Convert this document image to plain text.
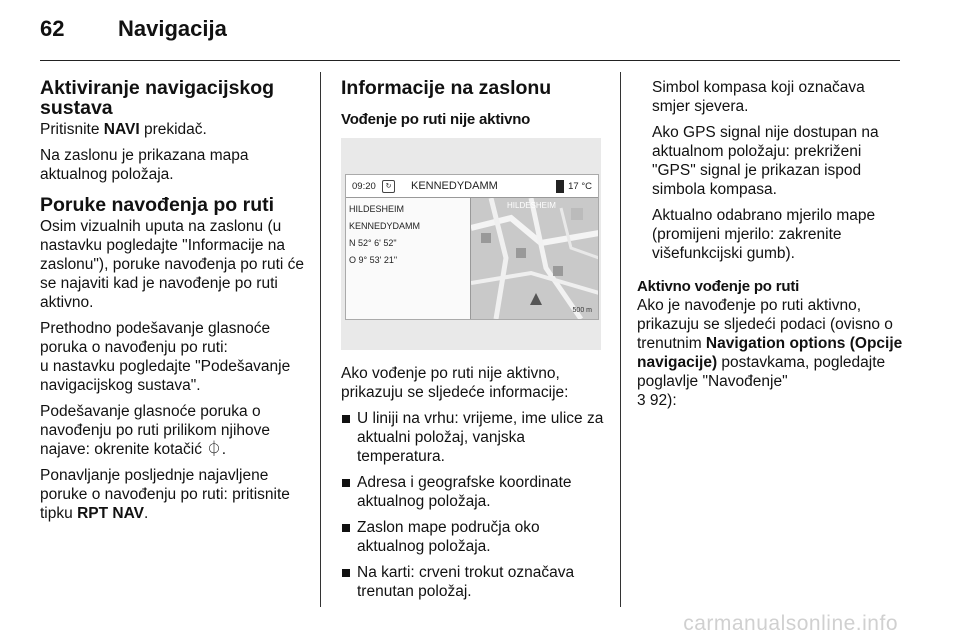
62 Navigacija
Aktiviranje navigacijskog sustava

Pritisnite NAVI prekidač.

Na zaslonu je prikazana mapa aktualnog položaja.

Poruke navođenja po ruti

Osim vizualnih uputa na zaslonu (u nastavku pogledajte "Informacije na zaslonu"), poruke navođenja po ruti će se najaviti kad je navođenje po ruti aktivno.

Prethodno podešavanje glasnoće poruka o navođenju po ruti:

u nastavku pogledajte "Podešavanje navigacijskog sustava".

Podešavanje glasnoće poruka o navođenju po ruti prilikom njihove najave: okrenite kotačić ⏀.

Ponavljanje posljednje najavljene poruke o navođenju po ruti: pritisnite tipku RPT NAV.

Informacije na zaslonu
Vođenje po ruti nije aktivno
09:20	↻	KENNEDYDAMM	17 °C
HILDESHEIM
KENNEDYDAMM
N 52° 6' 52"
O 9° 53' 21"
HILDESHEIM
500 m

Ako vođenje po ruti nije aktivno, prikazuju se sljedeće informacije:

U liniji na vrhu: vrijeme, ime ulice za aktualni položaj, vanjska temperatura.
Adresa i geografske koordinate aktualnog položaja.
Zaslon mape područja oko aktualnog položaja.
Na karti: crveni trokut označava trenutan položaj.

Simbol kompasa koji označava smjer sjevera.

Ako GPS signal nije dostupan na aktualnom položaju: prekriženi "GPS" signal je prikazan ispod simbola kompasa.

Aktualno odabrano mjerilo mape (promijeni mjerilo: zakrenite višefunkcijski gumb).

Aktivno vođenje po ruti

Ako je navođenje po ruti aktivno, prikazuju se sljedeći podaci (ovisno o trenutnim Navigation options (Opcije navigacije) postavkama, pogledajte poglavlje "Navođenje"
3 92):

carmanualsonline.info
